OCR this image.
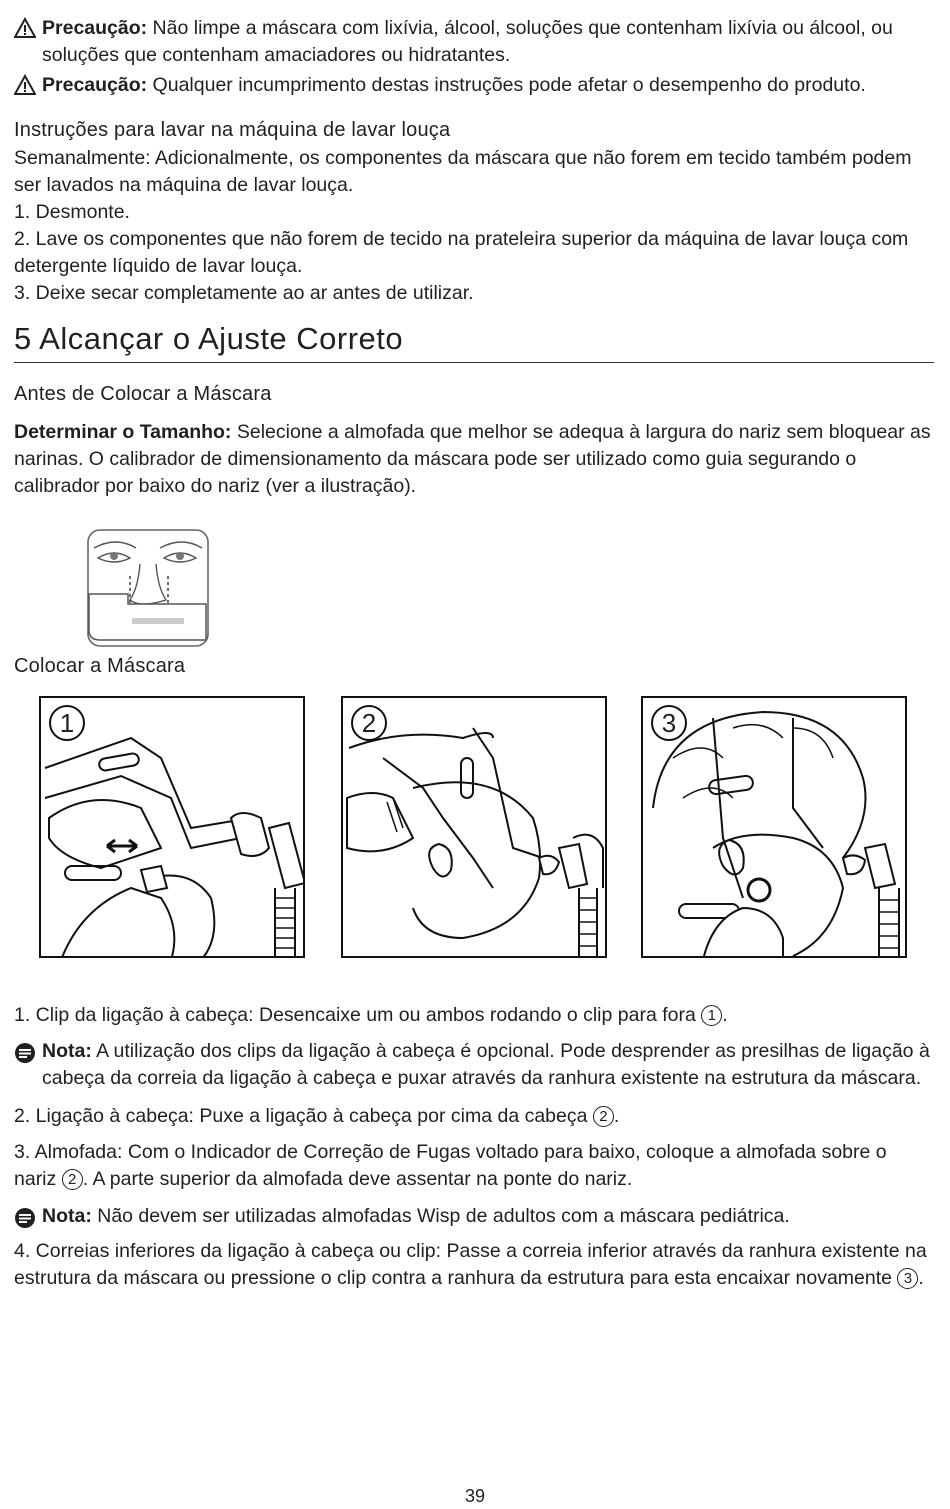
Precaução: Não limpe a máscara com lixívia, álcool, soluções que contenham lixívia ou álcool, ou soluções que contenham amaciadores ou hidratantes.
Precaução: Qualquer incumprimento destas instruções pode afetar o desempenho do produto.
Instruções para lavar na máquina de lavar louça
Semanalmente: Adicionalmente, os componentes da máscara que não forem em tecido também podem ser lavados na máquina de lavar louça.
1. Desmonte.
2. Lave os componentes que não forem de tecido na prateleira superior da máquina de lavar louça com detergente líquido de lavar louça.
3. Deixe secar completamente ao ar antes de utilizar.
5 Alcançar o Ajuste Correto
Antes de Colocar a Máscara
Determinar o Tamanho: Selecione a almofada que melhor se adequa à largura do nariz sem bloquear as narinas. O calibrador de dimensionamento da máscara pode ser utilizado como guia segurando o calibrador por baixo do nariz (ver a ilustração).
Colocar a Máscara
1	2	3
1. Clip da ligação à cabeça: Desencaixe um ou ambos rodando o clip para fora 1 .
Nota: A utilização dos clips da ligação à cabeça é opcional. Pode desprender as presilhas de ligação à cabeça da correia da ligação à cabeça e puxar através da ranhura existente na estrutura da máscara.
2. Ligação à cabeça: Puxe a ligação à cabeça por cima da cabeça 2 .
3. Almofada: Com o Indicador de Correção de Fugas voltado para baixo, coloque a almofada sobre o nariz 2 . A parte superior da almofada deve assentar na ponte do nariz.
Nota: Não devem ser utilizadas almofadas Wisp de adultos com a máscara pediátrica.
4. Correias inferiores da ligação à cabeça ou clip: Passe a correia inferior através da ranhura existente na estrutura da máscara ou pressione o clip contra a ranhura da estrutura para esta encaixar novamente 3 .
39
